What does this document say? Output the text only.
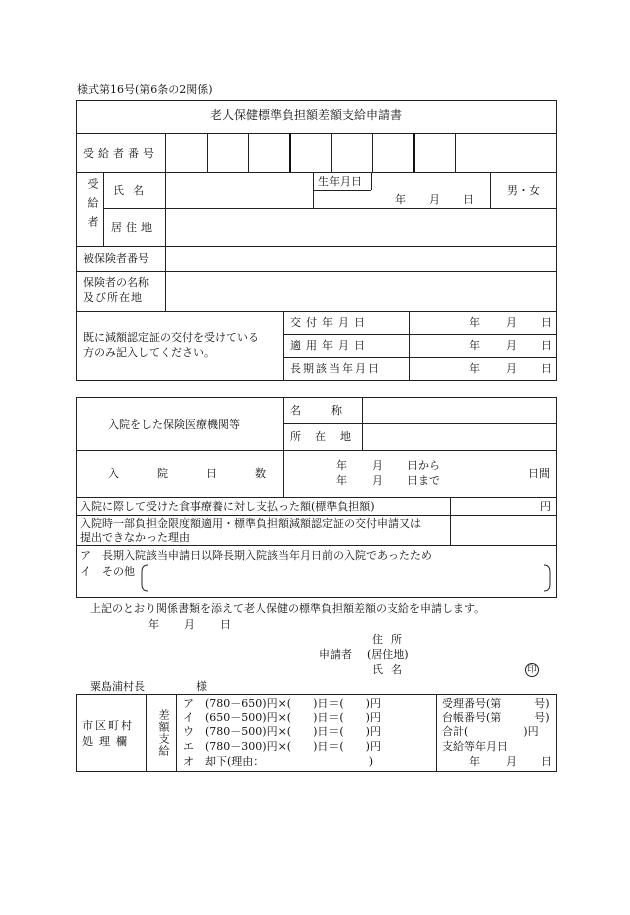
様式第16号(第6条の2関係)
老人保健標準負担額差額支給申請書
受給者番号
受給者 氏名
生年月日
年 月 日
男・女
居住地
被保険者番号
保険者の名称
及び所在地
既に減額認定証の交付を受けている
方のみ記入してください。
交付年月日	年 月 日
適用年月日	年 月 日
長期該当年月日	年 月 日
入院をした保険医療機関等
名称
所在地
入院日数
年 月 日から
年 月 日まで
日間
入院に際して受けた食事療養に対し支払った額(標準負担額)	円
入院時一部負担金限度額適用・標準負担額減額認定証の交付申請又は
提出できなかった理由
ア　長期入院該当申請日以降長期入院該当年月日前の入院であったため
イ　その他
上記のとおり関係書類を添えて老人保健の標準負担額差額の支給を申請します。
年 月 日
住所
申請者 (居住地)
氏名	印
粟島浦村長	様
市区町村
処理欄 差額支給
ア　(780－650)円×(　　)日＝(　　)円
イ　(650－500)円×(　　)日＝(　　)円
ウ　(780－500)円×(　　)日＝(　　)円
エ　(780－300)円×(　　)日＝(　　)円
オ　却下(理由：　　　　　　　　　　)
受理番号(第　　　号)
台帳番号(第　　　号)
合計(　　　　　)円
支給等年月日
年 月 日
